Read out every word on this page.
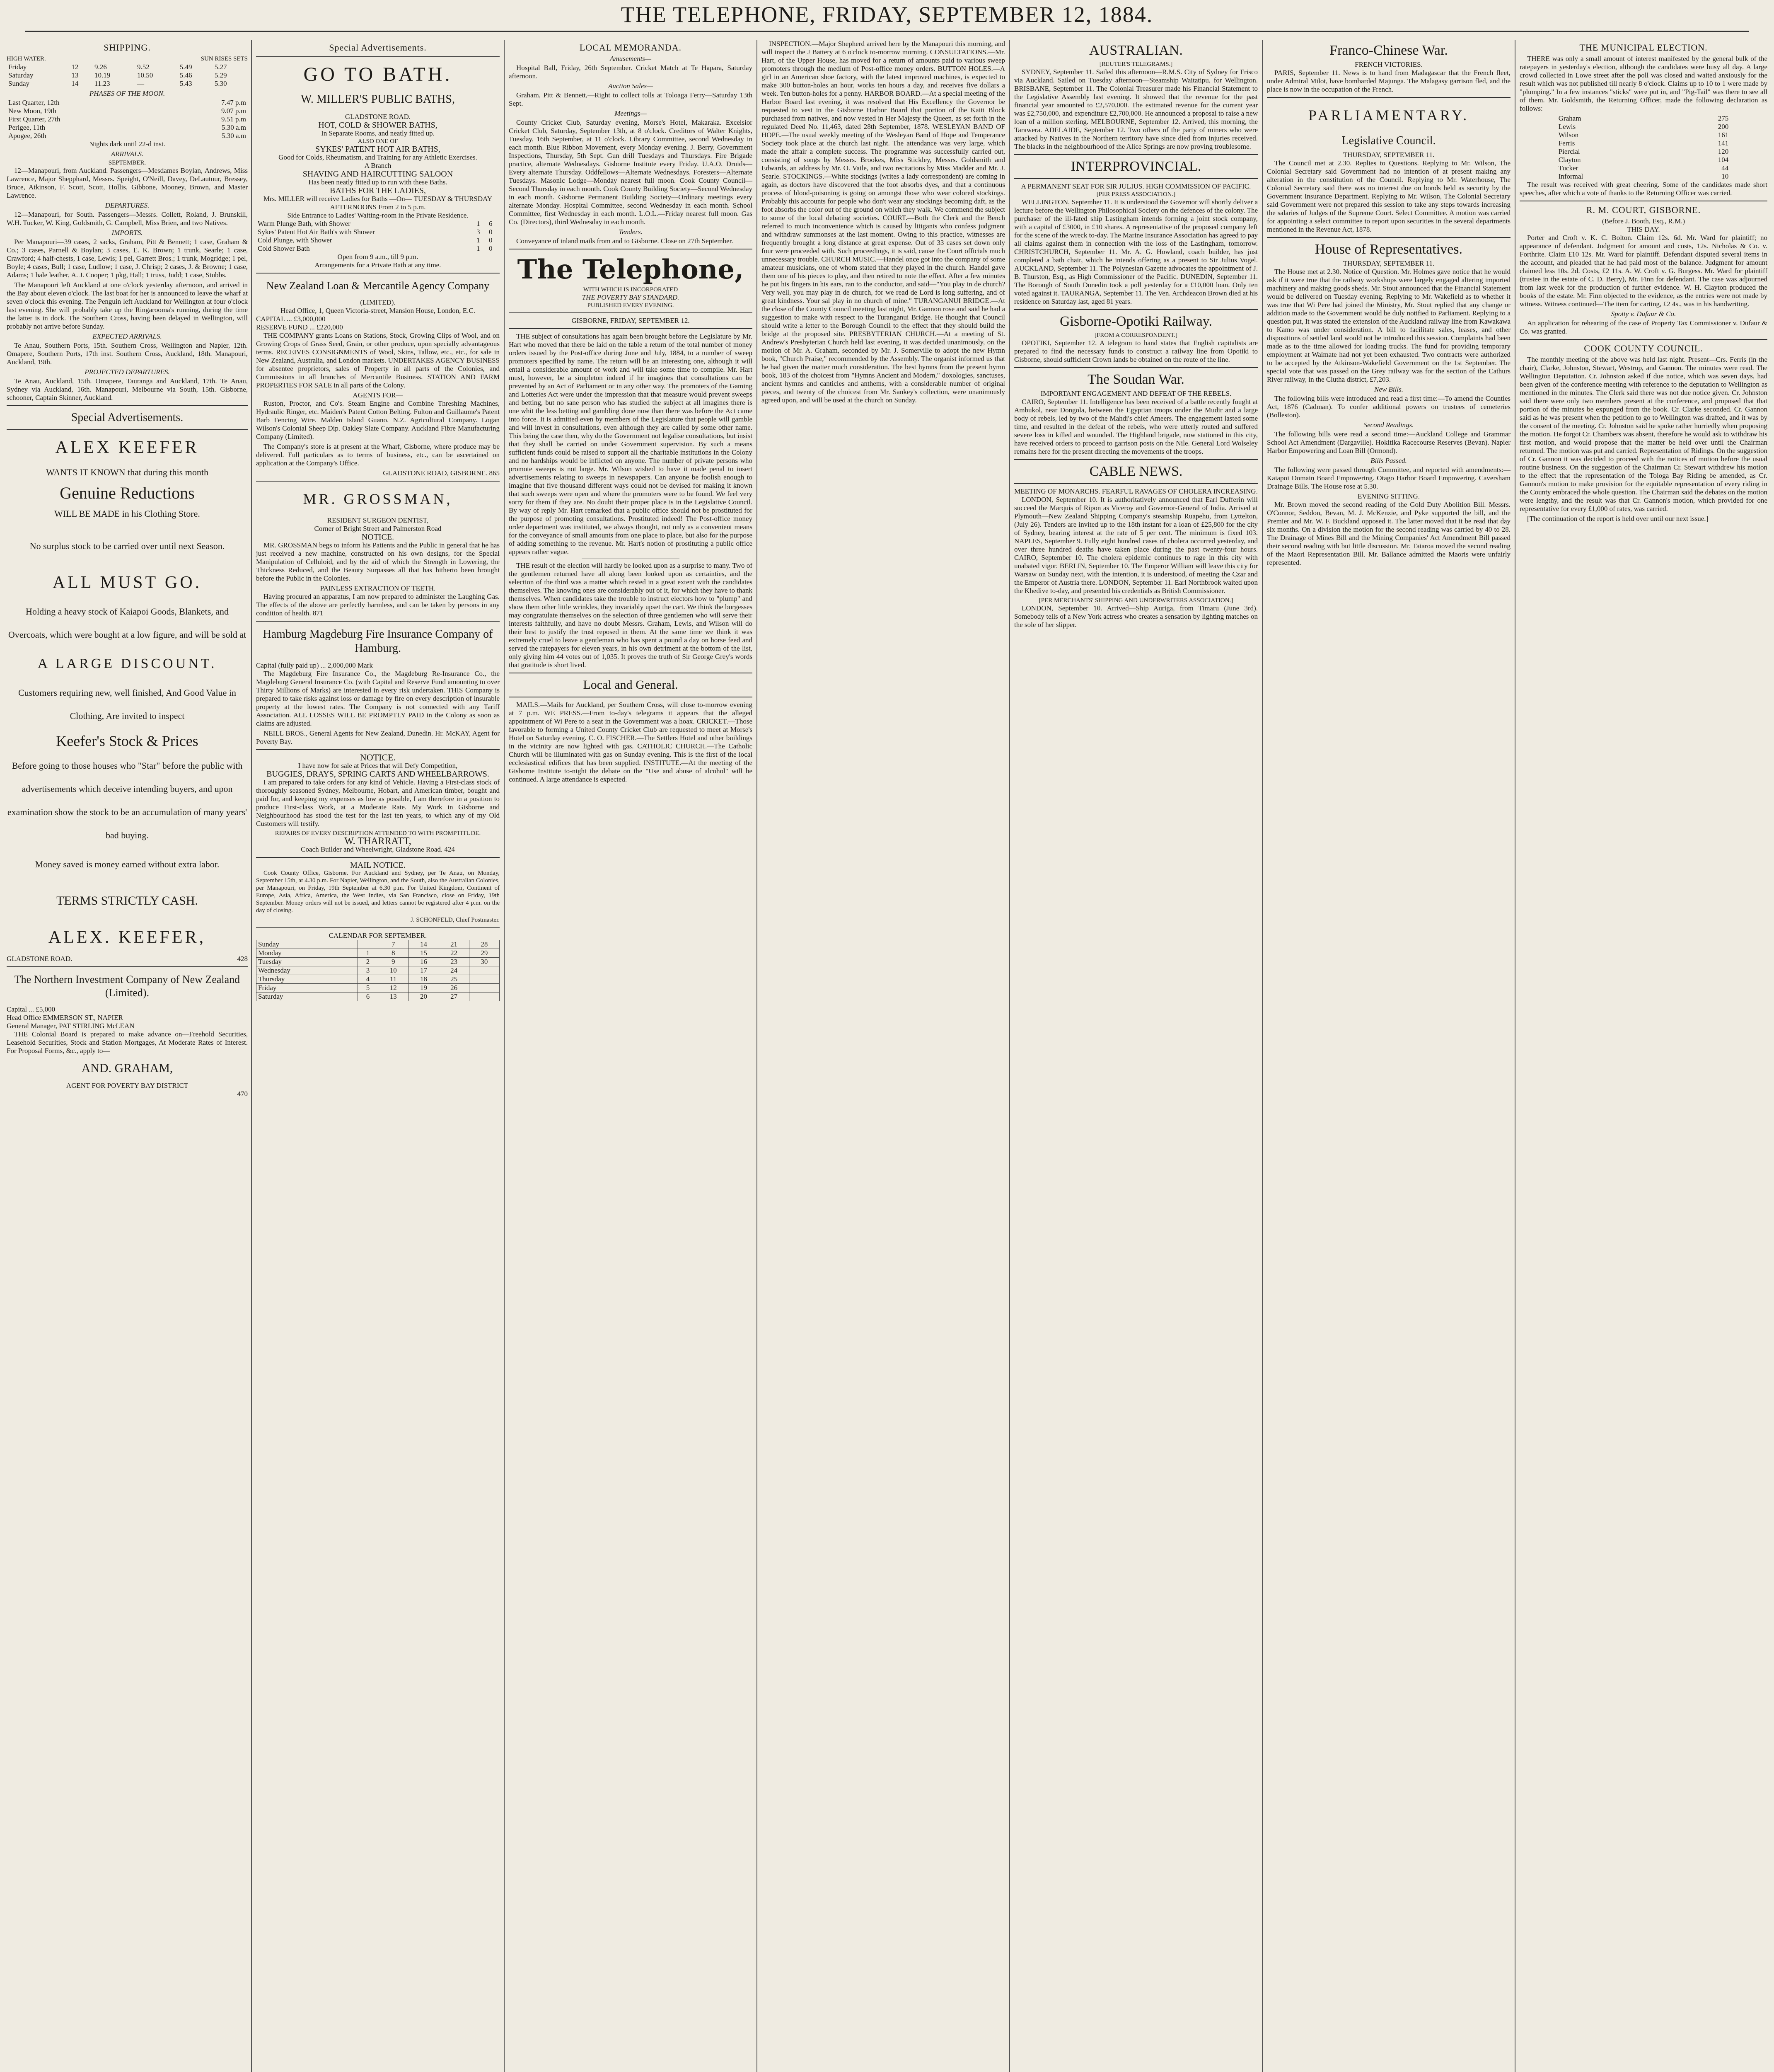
THE TELEPHONE, FRIDAY, SEPTEMBER 12, 1884.
SHIPPING.
HIGH WATER.	SUN RISES SETS
Friday	12	9.26	9.52	5.49	5.27
Saturday	13	10.19	10.50	5.46	5.29
Sunday	14	11.23	—	5.43	5.30
PHASES OF THE MOON.
Last Quarter, 12th	7.47 p.m
New Moon, 19th	9.07 p.m
First Quarter, 27th	9.51 p.m
Perigee, 11th	5.30 a.m
Apogee, 26th	5.30 a.m
Nights dark until 22-d inst.
ARRIVALS.
SEPTEMBER.

12—Manapouri, from Auckland. Passengers—Mesdames Boylan, Andrews, Miss Lawrence, Major Shepphard, Messrs. Speight, O'Neill, Davey, DeLautour, Bressey, Bruce, Atkinson, F. Scott, Scott, Hollis, Gibbone, Mooney, Brown, and Master Lawrence.

DEPARTURES.

12—Manapouri, for South. Passengers—Messrs. Collett, Roland, J. Brunskill, W.H. Tucker, W. King, Goldsmith, G. Campbell, Miss Brien, and two Natives.

IMPORTS.

Per Manapouri—39 cases, 2 sacks, Graham, Pitt & Bennett; 1 case, Graham & Co.; 3 cases, Parnell & Boylan; 3 cases, E. K. Brown; 1 trunk, Searle; 1 case, Crawford; 4 half-chests, 1 case, Lewis; 1 pel, Garrett Bros.; 1 trunk, Mogridge; 1 pel, Boyle; 4 cases, Bull; 1 case, Ludlow; 1 case, J. Chrisp; 2 cases, J. & Browne; 1 case, Adams; 1 bale leather, A. J. Cooper; 1 pkg, Hall; 1 truss, Judd; 1 case, Stubbs.

The Manapouri left Auckland at one o'clock yesterday afternoon, and arrived in the Bay about eleven o'clock. The last boat for her is announced to leave the wharf at seven o'clock this evening. The Penguin left Auckland for Wellington at four o'clock last evening. She will probably take up the Ringarooma's running, during the time the latter is in dock. The Southern Cross, having been delayed in Wellington, will probably not arrive before Sunday.

EXPECTED ARRIVALS.

Te Anau, Southern Ports, 15th. Southern Cross, Wellington and Napier, 12th. Omapere, Southern Ports, 17th inst. Southern Cross, Auckland, 18th. Manapouri, Auckland, 19th.

PROJECTED DEPARTURES.

Te Anau, Auckland, 15th. Omapere, Tauranga and Auckland, 17th. Te Anau, Sydney via Auckland, 16th. Manapouri, Melbourne via South, 15th. Gisborne, schooner, Captain Skinner, Auckland.

Special Advertisements.
ALEX KEEFER
WANTS IT KNOWN that during this month
Genuine Reductions
WILL BE MADE in his Clothing Store.
No surplus stock to be carried over until next Season.
ALL MUST GO.
Holding a heavy stock of Kaiapoi Goods, Blankets, and Overcoats, which were bought at a low figure, and will be sold at
A LARGE DISCOUNT.
Customers requiring new, well finished, And Good Value in Clothing, Are invited to inspect
Keefer's Stock & Prices
Before going to those houses who "Star" before the public with advertisements which deceive intending buyers, and upon examination show the stock to be an accumulation of many years' bad buying.
Money saved is money earned without extra labor.
TERMS STRICTLY CASH.
ALEX. KEEFER,
GLADSTONE ROAD.	428
The Northern Investment Company of New Zealand (Limited).
Capital ... £5,000
Head Office EMMERSON ST., NAPIER
General Manager, PAT STIRLING McLEAN

THE Colonial Board is prepared to make advance on—Freehold Securities, Leasehold Securities, Stock and Station Mortgages, At Moderate Rates of Interest. For Proposal Forms, &c., apply to—

AND. GRAHAM,
AGENT FOR POVERTY BAY DISTRICT
470
Special Advertisements.
GO TO BATH.
W. MILLER'S PUBLIC BATHS,
GLADSTONE ROAD.
HOT, COLD & SHOWER BATHS,
In Separate Rooms, and neatly fitted up.
ALSO ONE OF
SYKES' PATENT HOT AIR BATHS,
Good for Colds, Rheumatism, and Training for any Athletic Exercises.
A Branch
SHAVING AND HAIRCUTTING SALOON
Has been neatly fitted up to run with these Baths.
BATHS FOR THE LADIES,
Mrs. MILLER will receive Ladies for Baths —On— TUESDAY & THURSDAY AFTERNOONS From 2 to 5 p.m.
Side Entrance to Ladies' Waiting-room in the Private Residence.
Warm Plunge Bath, with Shower	1	6
Sykes' Patent Hot Air Bath's with Shower	3	0
Cold Plunge, with Shower	1	0
Cold Shower Bath	1	0
Open from 9 a.m., till 9 p.m.
Arrangements for a Private Bath at any time.
New Zealand Loan & Mercantile Agency Company
(LIMITED).
Head Office, 1, Queen Victoria-street, Mansion House, London, E.C.
CAPITAL ... £3,000,000
RESERVE FUND ... £220,000

THE COMPANY grants Loans on Stations, Stock, Growing Clips of Wool, and on Growing Crops of Grass Seed, Grain, or other produce, upon specially advantageous terms. RECEIVES CONSIGNMENTS of Wool, Skins, Tallow, etc., etc., for sale in New Zealand, Australia, and London markets. UNDERTAKES AGENCY BUSINESS for absentee proprietors, sales of Property in all parts of the Colonies, and Commissions in all branches of Mercantile Business. STATION AND FARM PROPERTIES FOR SALE in all parts of the Colony.

AGENTS FOR—

Ruston, Proctor, and Co's. Steam Engine and Combine Threshing Machines, Hydraulic Ringer, etc. Maiden's Patent Cotton Belting. Fulton and Guillaume's Patent Barb Fencing Wire. Malden Island Guano. N.Z. Agricultural Company. Logan Wilson's Colonial Sheep Dip. Oakley Slate Company. Auckland Fibre Manufacturing Company (Limited).

The Company's store is at present at the Wharf, Gisborne, where produce may be delivered. Full particulars as to terms of business, etc., can be ascertained on application at the Company's Office.

GLADSTONE ROAD, GISBORNE. 865
MR. GROSSMAN,
RESIDENT SURGEON DENTIST,
Corner of Bright Street and Palmerston Road
NOTICE.

MR. GROSSMAN begs to inform his Patients and the Public in general that he has just received a new machine, constructed on his own designs, for the Special Manipulation of Celluloid, and by the aid of which the Strength in Lowering, the Thickness Reduced, and the Beauty Surpasses all that has hitherto been brought before the Public in the Colonies.

PAINLESS EXTRACTION OF TEETH.

Having procured an apparatus, I am now prepared to administer the Laughing Gas. The effects of the above are perfectly harmless, and can be taken by persons in any condition of health. 871

Hamburg Magdeburg Fire Insurance Company of Hamburg.
Capital (fully paid up) ... 2,000,000 Mark

The Magdeburg Fire Insurance Co., the Magdeburg Re-Insurance Co., the Magdeburg General Insurance Co. (with Capital and Reserve Fund amounting to over Thirty Millions of Marks) are interested in every risk undertaken. THIS Company is prepared to take risks against loss or damage by fire on every description of insurable property at the lowest rates. The Company is not connected with any Tariff Association. ALL LOSSES WILL BE PROMPTLY PAID in the Colony as soon as claims are adjusted.

NEILL BROS., General Agents for New Zealand, Dunedin. Hr. McKAY, Agent for Poverty Bay.

NOTICE.
I have now for sale at Prices that will Defy Competition,
BUGGIES, DRAYS, SPRING CARTS AND WHEELBARROWS.

I am prepared to take orders for any kind of Vehicle. Having a First-class stock of thoroughly seasoned Sydney, Melbourne, Hobart, and American timber, bought and paid for, and keeping my expenses as low as possible, I am therefore in a position to produce First-class Work, at a Moderate Rate. My Work in Gisborne and Neighbourhood has stood the test for the last ten years, to which any of my Old Customers will testify.

REPAIRS OF EVERY DESCRIPTION ATTENDED TO WITH PROMPTITUDE.
W. THARRATT,
Coach Builder and Wheelwright, Gladstone Road. 424
MAIL NOTICE.

Cook County Office, Gisborne. For Auckland and Sydney, per Te Anau, on Monday, September 15th, at 4.30 p.m. For Napier, Wellington, and the South, also the Australian Colonies, per Manapouri, on Friday, 19th September at 6.30 p.m. For United Kingdom, Continent of Europe, Asia, Africa, America, the West Indies, via San Francisco, close on Friday, 19th September. Money orders will not be issued, and letters cannot be registered after 4 p.m. on the day of closing.

J. SCHONFELD, Chief Postmaster.
CALENDAR FOR SEPTEMBER.
Sunday		7	14	21	28
Monday	1	8	15	22	29
Tuesday	2	9	16	23	30
Wednesday	3	10	17	24	
Thursday	4	11	18	25	
Friday	5	12	19	26	
Saturday	6	13	20	27	
LOCAL MEMORANDA.
Amusements—

Hospital Ball, Friday, 26th September. Cricket Match at Te Hapara, Saturday afternoon.

Auction Sales—

Graham, Pitt & Bennett,—Right to collect tolls at Toloaga Ferry—Saturday 13th Sept.

Meetings—

County Cricket Club, Saturday evening, Morse's Hotel, Makaraka. Excelsior Cricket Club, Saturday, September 13th, at 8 o'clock. Creditors of Walter Knights, Tuesday, 16th September, at 11 o'clock. Library Committee, second Wednesday in each month. Blue Ribbon Movement, every Monday evening. J. Berry, Government Inspections, Thursday, 5th Sept. Gun drill Tuesdays and Thursdays. Fire Brigade practice, alternate Wednesdays. Gisborne Institute every Friday. U.A.O. Druids—Every alternate Thursday. Oddfellows—Alternate Wednesdays. Foresters—Alternate Tuesdays. Masonic Lodge—Monday nearest full moon. Cook County Council—Second Thursday in each month. Cook County Building Society—Second Wednesday in each month. Gisborne Permanent Building Society—Ordinary meetings every alternate Monday. Hospital Committee, second Wednesday in each month. School Committee, first Wednesday in each month. L.O.L.—Friday nearest full moon. Gas Co. (Directors), third Wednesday in each month.

Tenders.

Conveyance of inland mails from and to Gisborne. Close on 27th September.

The Telephone,
WITH WHICH IS INCORPORATED
THE POVERTY BAY STANDARD.
PUBLISHED EVERY EVENING.
GISBORNE, FRIDAY, SEPTEMBER 12.

THE subject of consultations has again been brought before the Legislature by Mr. Hart who moved that there be laid on the table a return of the total number of money orders issued by the Post-office during June and July, 1884, to a number of sweep promoters specified by name. The return will be an interesting one, although it will entail a considerable amount of work and will take some time to compile. Mr. Hart must, however, be a simpleton indeed if he imagines that consultations can be prevented by an Act of Parliament or in any other way. The promoters of the Gaming and Lotteries Act were under the impression that that measure would prevent sweeps and betting, but no sane person who has studied the subject at all imagines there is one whit the less betting and gambling done now than there was before the Act came into force. It is admitted even by members of the Legislature that people will gamble and will invest in consultations, even although they are called by some other name. This being the case then, why do the Government not legalise consultations, but insist that they shall be carried on under Government supervision. By such a means sufficient funds could be raised to support all the charitable institutions in the Colony and no hardships would be inflicted on anyone. The number of private persons who promote sweeps is not large. Mr. Wilson wished to have it made penal to insert advertisements relating to sweeps in newspapers. Can anyone be foolish enough to imagine that five thousand different ways could not be devised for making it known that such sweeps were open and where the promoters were to be found. We feel very sorry for them if they are. No doubt their proper place is in the Legislative Council. By way of reply Mr. Hart remarked that a public office should not be prostituted for the purpose of promoting consultations. Prostituted indeed! The Post-office money order department was instituted, we always thought, not only as a convenient means for the conveyance of small amounts from one place to place, but also for the purpose of adding something to the revenue. Mr. Hart's notion of prostituting a public office appears rather vague.

THE result of the election will hardly be looked upon as a surprise to many. Two of the gentlemen returned have all along been looked upon as certainties, and the selection of the third was a matter which rested in a great extent with the candidates themselves. The knowing ones are considerably out of it, for which they have to thank themselves. When candidates take the trouble to instruct electors how to "plump" and show them other little wrinkles, they invariably upset the cart. We think the burgesses may congratulate themselves on the selection of three gentlemen who will serve their interests faithfully, and have no doubt Messrs. Graham, Lewis, and Wilson will do their best to justify the trust reposed in them. At the same time we think it was extremely cruel to leave a gentleman who has spent a pound a day on horse feed and served the ratepayers for eleven years, in his own detriment at the bottom of the list, only giving him 44 votes out of 1,035. It proves the truth of Sir George Grey's words that gratitude is short lived.

Local and General.

MAILS.—Mails for Auckland, per Southern Cross, will close to-morrow evening at 7 p.m. WE PRESS.—From to-day's telegrams it appears that the alleged appointment of Wi Pere to a seat in the Government was a hoax. CRICKET.—Those favorable to forming a United County Cricket Club are requested to meet at Morse's Hotel on Saturday evening. C. O. FISCHER.—The Settlers Hotel and other buildings in the vicinity are now lighted with gas. CATHOLIC CHURCH.—The Catholic Church will be illuminated with gas on Sunday evening. This is the first of the local ecclesiastical edifices that has been supplied. INSTITUTE.—At the meeting of the Gisborne Institute to-night the debate on the "Use and abuse of alcohol" will be continued. A large attendance is expected.

INSPECTION.—Major Shepherd arrived here by the Manapouri this morning, and will inspect the J Battery at 6 o'clock to-morrow morning. CONSULTATIONS.—Mr. Hart, of the Upper House, has moved for a return of amounts paid to various sweep promoters through the medium of Post-office money orders. BUTTON HOLES.—A girl in an American shoe factory, with the latest improved machines, is expected to make 300 button-holes an hour, works ten hours a day, and receives five dollars a week. Ten button-holes for a penny. HARBOR BOARD.—At a special meeting of the Harbor Board last evening, it was resolved that His Excellency the Governor be requested to vest in the Gisborne Harbor Board that portion of the Kaiti Block purchased from natives, and now vested in Her Majesty the Queen, as set forth in the regulated Deed No. 11,463, dated 28th September, 1878. WESLEYAN BAND OF HOPE.—The usual weekly meeting of the Wesleyan Band of Hope and Temperance Society took place at the church last night. The attendance was very large, which made the affair a complete success. The programme was successfully carried out, consisting of songs by Messrs. Brookes, Miss Stickley, Messrs. Goldsmith and Edwards, an address by Mr. O. Vaile, and two recitations by Miss Madder and Mr. J. Searle. STOCKINGS.—White stockings (writes a lady correspondent) are coming in again, as doctors have discovered that the foot absorbs dyes, and that a continuous process of blood-poisoning is going on amongst those who wear colored stockings. Probably this accounts for people who don't wear any stockings becoming daft, as the foot absorbs the color out of the ground on which they walk. We commend the subject to some of the local debating societies. COURT.—Both the Clerk and the Bench referred to much inconvenience which is caused by litigants who confess judgment and withdraw summonses at the last moment. Owing to this practice, witnesses are frequently brought a long distance at great expense. Out of 33 cases set down only four were proceeded with. Such proceedings, it is said, cause the Court officials much unnecessary trouble. CHURCH MUSIC.—Handel once got into the company of some amateur musicians, one of whom stated that they played in the church. Handel gave them one of his pieces to play, and then retired to note the effect. After a few minutes he put his fingers in his ears, ran to the conductor, and said—"You play in de church? Very well, you may play in de church, for we read de Lord is long suffering, and of great kindness. Your sal play in no church of mine." TURANGANUI BRIDGE.—At the close of the County Council meeting last night, Mr. Gannon rose and said he had a suggestion to make with respect to the Turanganui Bridge. He thought that Council should write a letter to the Borough Council to the effect that they should build the bridge at the proposed site. PRESBYTERIAN CHURCH.—At a meeting of St. Andrew's Presbyterian Church held last evening, it was decided unanimously, on the motion of Mr. A. Graham, seconded by Mr. J. Somerville to adopt the new Hymn book, "Church Praise," recommended by the Assembly. The organist informed us that he had given the matter much consideration. The best hymns from the present hymn book, 183 of the choicest from "Hymns Ancient and Modern," doxologies, sanctuses, ancient hymns and canticles and anthems, with a considerable number of original pieces, and twenty of the choicest from Mr. Sankey's collection, were unanimously agreed upon, and will be used at the church on Sunday.

AUSTRALIAN.
[REUTER'S TELEGRAMS.]

SYDNEY, September 11. Sailed this afternoon—R.M.S. City of Sydney for Frisco via Auckland. Sailed on Tuesday afternoon—Steamship Waitatipu, for Wellington. BRISBANE, September 11. The Colonial Treasurer made his Financial Statement to the Legislative Assembly last evening. It showed that the revenue for the past financial year amounted to £2,570,000. The estimated revenue for the current year was £2,750,000, and expenditure £2,700,000. He announced a proposal to raise a new loan of a million sterling. MELBOURNE, September 12. Arrived, this morning, the Tarawera. ADELAIDE, September 12. Two others of the party of miners who were attacked by Natives in the Northern territory have since died from injuries received. The blacks in the neighbourhood of the Alice Springs are now proving troublesome.

INTERPROVINCIAL.
A PERMANENT SEAT FOR SIR JULIUS. HIGH COMMISSION OF PACIFIC.
[PER PRESS ASSOCIATION.]

WELLINGTON, September 11. It is understood the Governor will shortly deliver a lecture before the Wellington Philosophical Society on the defences of the colony. The purchaser of the ill-fated ship Lastingham intends forming a joint stock company, with a capital of £3000, in £10 shares. A representative of the proposed company left for the scene of the wreck to-day. The Marine Insurance Association has agreed to pay all claims against them in connection with the loss of the Lastingham, tomorrow. CHRISTCHURCH, September 11. Mr. A. G. Howland, coach builder, has just completed a bath chair, which he intends offering as a present to Sir Julius Vogel. AUCKLAND, September 11. The Polynesian Gazette advocates the appointment of J. B. Thurston, Esq., as High Commissioner of the Pacific. DUNEDIN, September 11. The Borough of South Dunedin took a poll yesterday for a £10,000 loan. Only ten voted against it. TAURANGA, September 11. The Ven. Archdeacon Brown died at his residence on Saturday last, aged 81 years.

Gisborne-Opotiki Railway.
[FROM A CORRESPONDENT.]

OPOTIKI, September 12. A telegram to hand states that English capitalists are prepared to find the necessary funds to construct a railway line from Opotiki to Gisborne, should sufficient Crown lands be obtained on the route of the line.

The Soudan War.
IMPORTANT ENGAGEMENT AND DEFEAT OF THE REBELS.

CAIRO, September 11. Intelligence has been received of a battle recently fought at Ambukol, near Dongola, between the Egyptian troops under the Mudir and a large body of rebels, led by two of the Mahdi's chief Ameers. The engagement lasted some time, and resulted in the defeat of the rebels, who were utterly routed and suffered severe loss in killed and wounded. The Highland brigade, now stationed in this city, have received orders to proceed to garrison posts on the Nile. General Lord Wolseley remains here for the present directing the movements of the troops.

CABLE NEWS.
MEETING OF MONARCHS. FEARFUL RAVAGES OF CHOLERA INCREASING.

LONDON, September 10. It is authoritatively announced that Earl Dufferin will succeed the Marquis of Ripon as Viceroy and Governor-General of India. Arrived at Plymouth—New Zealand Shipping Company's steamship Ruapehu, from Lyttelton, (July 26). Tenders are invited up to the 18th instant for a loan of £25,800 for the city of Sydney, bearing interest at the rate of 5 per cent. The minimum is fixed 103. NAPLES, September 9. Fully eight hundred cases of cholera occurred yesterday, and over three hundred deaths have taken place during the past twenty-four hours. CAIRO, September 10. The cholera epidemic continues to rage in this city with unabated vigor. BERLIN, September 10. The Emperor William will leave this city for Warsaw on Sunday next, with the intention, it is understood, of meeting the Czar and the Emperor of Austria there. LONDON, September 11. Earl Northbrook waited upon the Khedive to-day, and presented his credentials as British Commissioner.

[PER MERCHANTS' SHIPPING AND UNDERWRITERS ASSOCIATION.]

LONDON, September 10. Arrived—Ship Auriga, from Timaru (June 3rd). Somebody tells of a New York actress who creates a sensation by lighting matches on the sole of her slipper.

Franco-Chinese War.
FRENCH VICTORIES.

PARIS, September 11. News is to hand from Madagascar that the French fleet, under Admiral Milot, have bombarded Majunga. The Malagasy garrison fled, and the place is now in the occupation of the French.

PARLIAMENTARY.
Legislative Council.
THURSDAY, SEPTEMBER 11.

The Council met at 2.30. Replies to Questions. Replying to Mr. Wilson, The Colonial Secretary said Government had no intention of at present making any alteration in the constitution of the Council. Replying to Mr. Waterhouse, The Colonial Secretary said there was no interest due on bonds held as security by the Government Insurance Department. Replying to Mr. Wilson, The Colonial Secretary said Government were not prepared this session to take any steps towards increasing the salaries of Judges of the Supreme Court. Select Committee. A motion was carried for appointing a select committee to report upon securities in the several departments mentioned in the Revenue Act, 1878.

House of Representatives.
THURSDAY, SEPTEMBER 11.

The House met at 2.30. Notice of Question. Mr. Holmes gave notice that he would ask if it were true that the railway workshops were largely engaged altering imported machinery and making goods sheds. Mr. Stout announced that the Financial Statement would be delivered on Tuesday evening. Replying to Mr. Wakefield as to whether it was true that Wi Pere had joined the Ministry, Mr. Stout replied that any change or addition made to the Government would be duly notified to Parliament. Replying to a question put, It was stated the extension of the Auckland railway line from Kawakawa to Kamo was under consideration. A bill to facilitate sales, leases, and other dispositions of settled land would not be introduced this session. Complaints had been made as to the time allowed for loading trucks. The fund for providing temporary employment at Waimate had not yet been exhausted. Two contracts were authorized to be accepted by the Atkinson-Wakefield Government on the 1st September. The special vote that was passed on the Grey railway was for the section of the Cathurs River railway, in the Clutha district, £7,203.

New Bills.

The following bills were introduced and read a first time:—To amend the Counties Act, 1876 (Cadman). To confer additional powers on trustees of cemeteries (Bolleston).

Second Readings.

The following bills were read a second time:—Auckland College and Grammar School Act Amendment (Dargaville). Hokitika Racecourse Reserves (Bevan). Napier Harbor Empowering and Loan Bill (Ormond).

Bills Passed.

The following were passed through Committee, and reported with amendments:—Kaiapoi Domain Board Empowering. Otago Harbor Board Empowering. Caversham Drainage Bills. The House rose at 5.30.

EVENING SITTING.

Mr. Brown moved the second reading of the Gold Duty Abolition Bill. Messrs. O'Connor, Seddon, Bevan, M. J. McKenzie, and Pyke supported the bill, and the Premier and Mr. W. F. Buckland opposed it. The latter moved that it be read that day six months. On a division the motion for the second reading was carried by 40 to 28. The Drainage of Mines Bill and the Mining Companies' Act Amendment Bill passed their second reading with but little discussion. Mr. Taiaroa moved the second reading of the Maori Representation Bill. Mr. Ballance admitted the Maoris were unfairly represented.

THE MUNICIPAL ELECTION.

THERE was only a small amount of interest manifested by the general bulk of the ratepayers in yesterday's election, although the candidates were busy all day. A large crowd collected in Lowe street after the poll was closed and waited anxiously for the result which was not published till nearly 8 o'clock. Claims up to 10 to 1 were made by "plumping." In a few instances "sticks" were put in, and "Pig-Tail" was there to see all of them. Mr. Goldsmith, the Returning Officer, made the following declaration as follows:

Graham	275
Lewis	200
Wilson	161
Ferris	141
Piercial	120
Clayton	104
Tucker	44
Informal	10

The result was received with great cheering. Some of the candidates made short speeches, after which a vote of thanks to the Returning Officer was carried.

R. M. COURT, GISBORNE.
(Before J. Booth, Esq., R.M.)
THIS DAY.

Porter and Croft v. K. C. Bolton. Claim 12s. 6d. Mr. Ward for plaintiff; no appearance of defendant. Judgment for amount and costs, 12s. Nicholas & Co. v. Forthrite. Claim £10 12s. Mr. Ward for plaintiff. Defendant disputed several items in the account, and pleaded that he had paid most of the balance. Judgment for amount claimed less 10s. 2d. Costs, £2 11s. A. W. Croft v. G. Burgess. Mr. Ward for plaintiff (trustee in the estate of C. D. Berry), Mr. Finn for defendant. The case was adjourned from last week for the production of further evidence. W. H. Clayton produced the books of the estate. Mr. Finn objected to the evidence, as the entries were not made by witness. Witness continued—The item for carting, £2 4s., was in his handwriting.

Spotty v. Dufaur & Co.

An application for rehearing of the case of Property Tax Commissioner v. Dufaur & Co. was granted.

COOK COUNTY COUNCIL.

The monthly meeting of the above was held last night. Present—Crs. Ferris (in the chair), Clarke, Johnston, Stewart, Westrup, and Gannon. The minutes were read. The Wellington Deputation. Cr. Johnston asked if due notice, which was seven days, had been given of the conference meeting with reference to the deputation to Wellington as mentioned in the minutes. The Clerk said there was not due notice given. Cr. Johnston said there were only two members present at the conference, and proposed that that portion of the minutes be expunged from the book. Cr. Clarke seconded. Cr. Gannon said as he was present when the petition to go to Wellington was drafted, and it was by the consent of the meeting. Cr. Johnston said he spoke rather hurriedly when proposing the motion. He forgot Cr. Chambers was absent, therefore he would ask to withdraw his first motion, and would propose that the matter be held over until the Chairman returned. The motion was put and carried. Representation of Ridings. On the suggestion of Cr. Gannon it was decided to proceed with the notices of motion before the usual routine business. On the suggestion of the Chairman Cr. Stewart withdrew his motion to the effect that the representation of the Tologa Bay Riding be amended, as Cr. Gannon's motion to make provision for the equitable representation of every riding in the County embraced the whole question. The Chairman said the debates on the motion were lengthy, and the result was that Cr. Gannon's motion, which provided for one representative for every £1,000 of rates, was carried.

[The continuation of the report is held over until our next issue.]
